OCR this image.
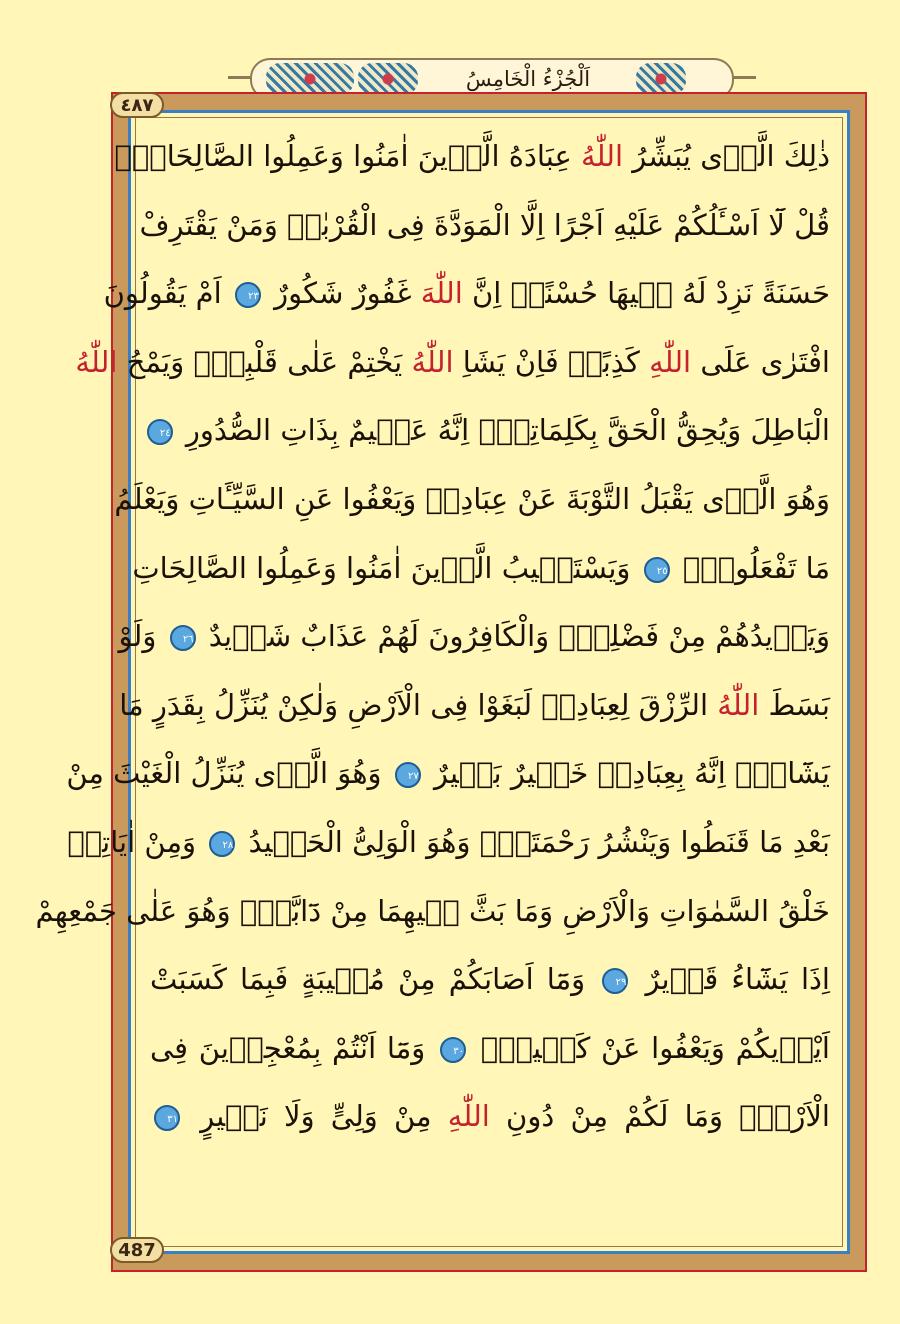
اَلْجُزْءُ الْخَامِسُ
٤٨٧
487
ذٰلِكَ الَّذٖى يُبَشِّرُ اللّٰهُ عِبَادَهُ الَّذٖينَ اٰمَنُوا وَعَمِلُوا الصَّالِحَاتِۜ
قُلْ لَٓا اَسْـَٔلُكُمْ عَلَيْهِ اَجْرًا اِلَّا الْمَوَدَّةَ فِى الْقُرْبٰىۜ وَمَنْ يَقْتَرِفْ
حَسَنَةً نَزِدْ لَهُ فٖيهَا حُسْنًاۜ اِنَّ اللّٰهَ غَفُورٌ شَكُورٌ ٢٣ اَمْ يَقُولُونَ
افْتَرٰى عَلَى اللّٰهِ كَذِبًاۚ فَاِنْ يَشَاِ اللّٰهُ يَخْتِمْ عَلٰى قَلْبِكَۜ وَيَمْحُ اللّٰهُ
الْبَاطِلَ وَيُحِقُّ الْحَقَّ بِكَلِمَاتِهٖۜ اِنَّهُ عَلٖيمٌ بِذَاتِ الصُّدُورِ ٢٤
وَهُوَ الَّذٖى يَقْبَلُ التَّوْبَةَ عَنْ عِبَادِهٖ وَيَعْفُوا عَنِ السَّيِّـَٔاتِ وَيَعْلَمُ
مَا تَفْعَلُونَۙ ٢٥ وَيَسْتَجٖيبُ الَّذٖينَ اٰمَنُوا وَعَمِلُوا الصَّالِحَاتِ
وَيَزٖيدُهُمْ مِنْ فَضْلِهٖۜ وَالْكَافِرُونَ لَهُمْ عَذَابٌ شَدٖيدٌ ٢٦ وَلَوْ
بَسَطَ اللّٰهُ الرِّزْقَ لِعِبَادِهٖ لَبَغَوْا فِى الْاَرْضِ وَلٰكِنْ يُنَزِّلُ بِقَدَرٍ مَا
يَشَٓاءُۜ اِنَّهُ بِعِبَادِهٖ خَبٖيرٌ بَصٖيرٌ ٢٧ وَهُوَ الَّذٖى يُنَزِّلُ الْغَيْثَ مِنْ
بَعْدِ مَا قَنَطُوا وَيَنْشُرُ رَحْمَتَهُۜ وَهُوَ الْوَلِىُّ الْحَمٖيدُ ٢٨ وَمِنْ اٰيَاتِهٖ
خَلْقُ السَّمٰوَاتِ وَالْاَرْضِ وَمَا بَثَّ فٖيهِمَا مِنْ دَٓابَّةٍۜ وَهُوَ عَلٰى جَمْعِهِمْ
اِذَا يَشَٓاءُ قَدٖيرٌ ٢٩ وَمَٓا اَصَابَكُمْ مِنْ مُصٖيبَةٍ فَبِمَا كَسَبَتْ
اَيْدٖيكُمْ وَيَعْفُوا عَنْ كَثٖيرٍۜ ٣٠ وَمَٓا اَنْتُمْ بِمُعْجِزٖينَ فِى
الْاَرْضِۚ وَمَا لَكُمْ مِنْ دُونِ اللّٰهِ مِنْ وَلِىٍّ وَلَا نَصٖيرٍ ٣١
